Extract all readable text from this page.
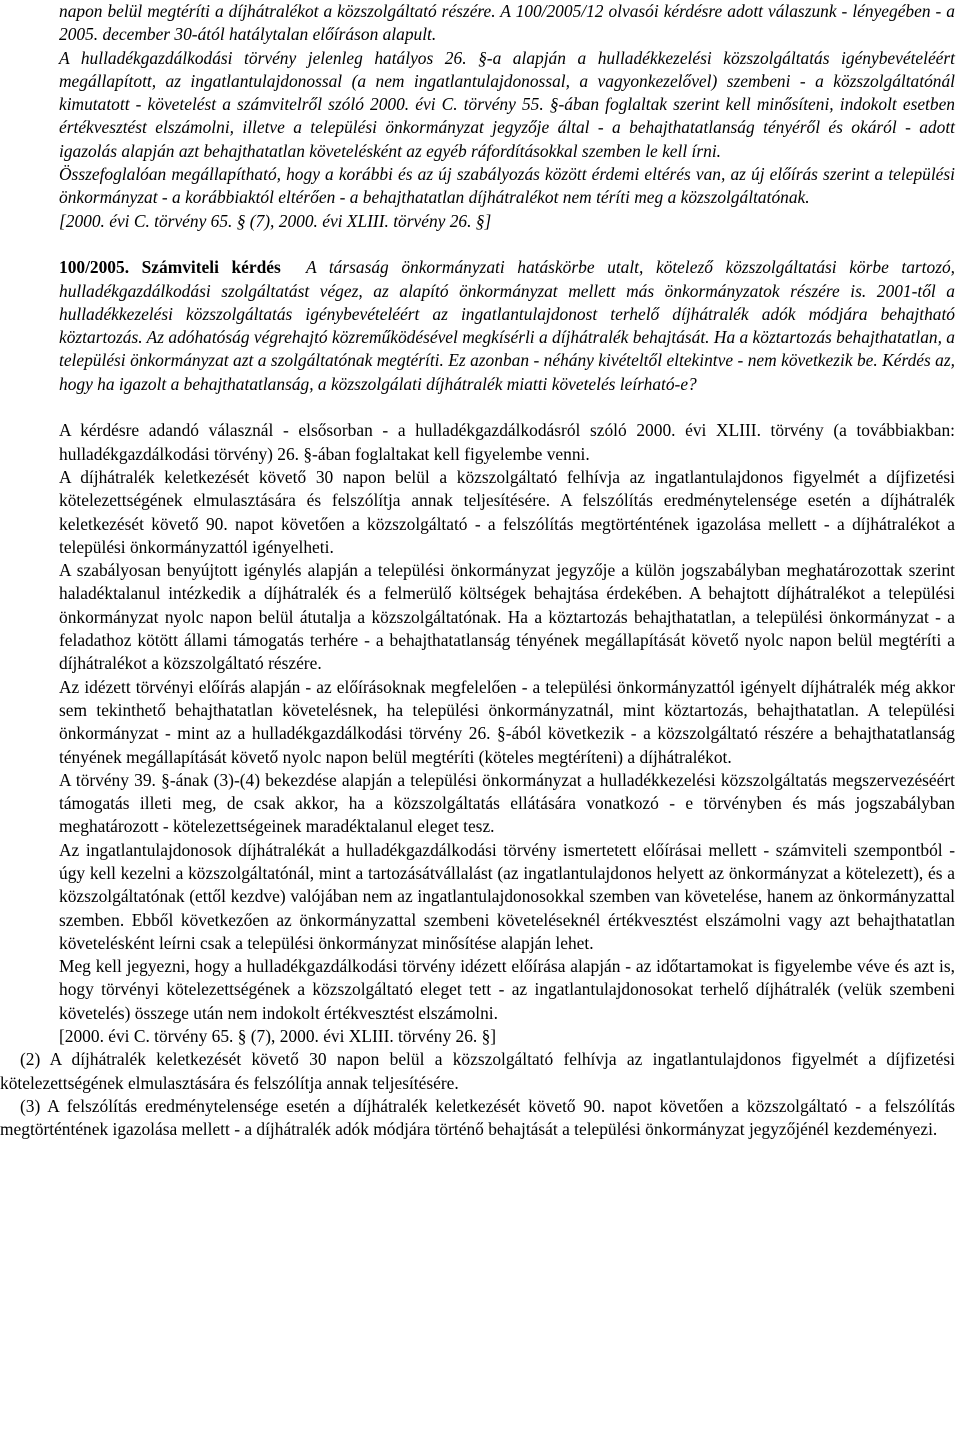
napon belül megtéríti a díjhátralékot a közszolgáltató részére. A 100/2005/12 olvasói kérdésre adott válaszunk - lényegében - a 2005. december 30-ától hatálytalan előíráson alapult.

A hulladékgazdálkodási törvény jelenleg hatályos 26. §-a alapján a hulladékkezelési közszolgáltatás igénybevételéért megállapított, az ingatlantulajdonossal (a nem ingatlantulajdonossal, a vagyonkezelővel) szembeni - a közszolgáltatónál kimutatott - követelést a számvitelről szóló 2000. évi C. törvény 55. §-ában foglaltak szerint kell minősíteni, indokolt esetben értékvesztést elszámolni, illetve a települési önkormányzat jegyzője által - a behajthatatlanság tényéről és okáról - adott igazolás alapján azt behajthatatlan követelésként az egyéb ráfordításokkal szemben le kell írni.

Összefoglalóan megállapítható, hogy a korábbi és az új szabályozás között érdemi eltérés van, az új előírás szerint a települési önkormányzat - a korábbiaktól eltérően - a behajthatatlan díjhátralékot nem téríti meg a közszolgáltatónak.

[2000. évi C. törvény 65. § (7), 2000. évi XLIII. törvény 26. §]

100/2005. Számviteli kérdés A társaság önkormányzati hatáskörbe utalt, kötelező közszolgáltatási körbe tartozó, hulladékgazdálkodási szolgáltatást végez, az alapító önkormányzat mellett más önkormányzatok részére is. 2001-től a hulladékkezelési közszolgáltatás igénybevételéért az ingatlantulajdonost terhelő díjhátralék adók módjára behajtható köztartozás. Az adóhatóság végrehajtó közreműködésével megkísérli a díjhátralék behajtását. Ha a köztartozás behajthatatlan, a települési önkormányzat azt a szolgáltatónak megtéríti. Ez azonban - néhány kivételtől eltekintve - nem következik be. Kérdés az, hogy ha igazolt a behajthatatlanság, a közszolgálati díjhátralék miatti követelés leírható-e?

A kérdésre adandó válasznál - elsősorban - a hulladékgazdálkodásról szóló 2000. évi XLIII. törvény (a továbbiakban: hulladékgazdálkodási törvény) 26. §-ában foglaltakat kell figyelembe venni.

A díjhátralék keletkezését követő 30 napon belül a közszolgáltató felhívja az ingatlantulajdonos figyelmét a díjfizetési kötelezettségének elmulasztására és felszólítja annak teljesítésére. A felszólítás eredménytelensége esetén a díjhátralék keletkezését követő 90. napot követően a közszolgáltató - a felszólítás megtörténtének igazolása mellett - a díjhátralékot a települési önkormányzattól igényelheti.

A szabályosan benyújtott igénylés alapján a települési önkormányzat jegyzője a külön jogszabályban meghatározottak szerint haladéktalanul intézkedik a díjhátralék és a felmerülő költségek behajtása érdekében. A behajtott díjhátralékot a települési önkormányzat nyolc napon belül átutalja a közszolgáltatónak. Ha a köztartozás behajthatatlan, a települési önkormányzat - a feladathoz kötött állami támogatás terhére - a behajthatatlanság tényének megállapítását követő nyolc napon belül megtéríti a díjhátralékot a közszolgáltató részére.

Az idézett törvényi előírás alapján - az előírásoknak megfelelően - a települési önkormányzattól igényelt díjhátralék még akkor sem tekinthető behajthatatlan követelésnek, ha települési önkormányzatnál, mint köztartozás, behajthatatlan. A települési önkormányzat - mint az a hulladékgazdálkodási törvény 26. §-ából következik - a közszolgáltató részére a behajthatatlanság tényének megállapítását követő nyolc napon belül megtéríti (köteles megtéríteni) a díjhátralékot.

A törvény 39. §-ának (3)-(4) bekezdése alapján a települési önkormányzat a hulladékkezelési közszolgáltatás megszervezéséért támogatás illeti meg, de csak akkor, ha a közszolgáltatás ellátására vonatkozó - e törvényben és más jogszabályban meghatározott - kötelezettségeinek maradéktalanul eleget tesz.

Az ingatlantulajdonosok díjhátralékát a hulladékgazdálkodási törvény ismertetett előírásai mellett - számviteli szempontból - úgy kell kezelni a közszolgáltatónál, mint a tartozásátvállalást (az ingatlantulajdonos helyett az önkormányzat a kötelezett), és a közszolgáltatónak (ettől kezdve) valójában nem az ingatlantulajdonosokkal szemben van követelése, hanem az önkormányzattal szemben. Ebből következően az önkormányzattal szembeni követeléseknél értékvesztést elszámolni vagy azt behajthatatlan követelésként leírni csak a települési önkormányzat minősítése alapján lehet.

Meg kell jegyezni, hogy a hulladékgazdálkodási törvény idézett előírása alapján - az időtartamokat is figyelembe véve és azt is, hogy törvényi kötelezettségének a közszolgáltató eleget tett - az ingatlantulajdonosokat terhelő díjhátralék (velük szembeni követelés) összege után nem indokolt értékvesztést elszámolni.

[2000. évi C. törvény 65. § (7), 2000. évi XLIII. törvény 26. §]

(2) A díjhátralék keletkezését követő 30 napon belül a közszolgáltató felhívja az ingatlantulajdonos figyelmét a díjfizetési kötelezettségének elmulasztására és felszólítja annak teljesítésére.

(3) A felszólítás eredménytelensége esetén a díjhátralék keletkezését követő 90. napot követően a közszolgáltató - a felszólítás megtörténtének igazolása mellett - a díjhátralék adók módjára történő behajtását a települési önkormányzat jegyzőjénél kezdeményezi.
